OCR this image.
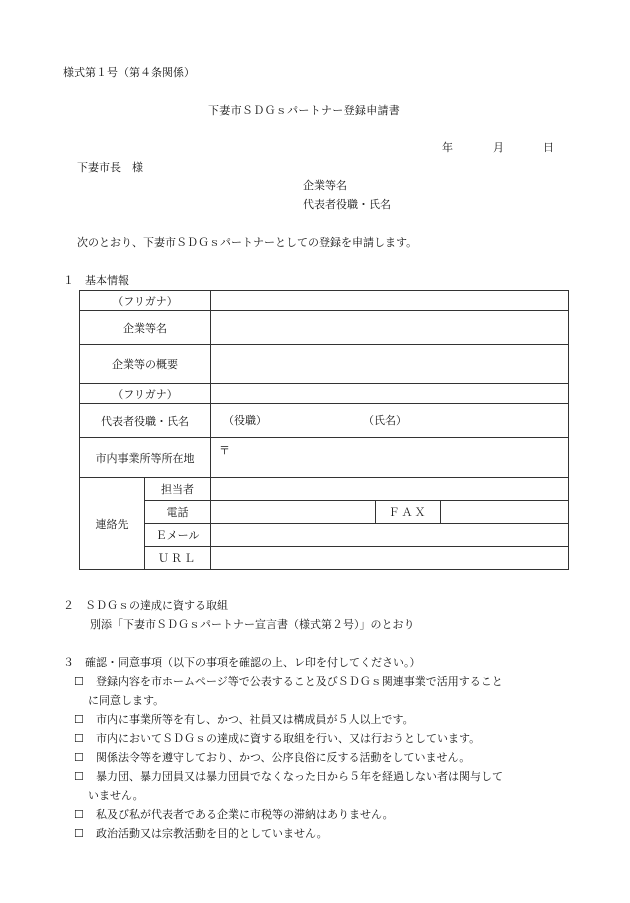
様式第１号（第４条関係）
下妻市ＳＤＧｓパートナー登録申請書
年	月	日
下妻市長　様
企業等名
代表者役職・氏名
次のとおり、下妻市ＳＤＧｓパートナーとしての登録を申請します。
１　基本情報
（フリガナ）				
企業等名				
企業等の概要				
（フリガナ）				
代表者役職・氏名		（役職） （氏名）		

市内事業所等所在地		〒		
連絡先	担当者			
	電話		ＦＡＸ	
	Ｅメール			
	ＵＲＬ			
２　ＳＤＧｓの達成に資する取組
別添「下妻市ＳＤＧｓパートナー宣言書（様式第２号）」のとおり
３　確認・同意事項（以下の事項を確認の上、レ印を付してください。）
☐ 登録内容を市ホームページ等で公表すること及びＳＤＧｓ関連事業で活用すること
に同意します。
☐ 市内に事業所等を有し、かつ、社員又は構成員が５人以上です。
☐ 市内においてＳＤＧｓの達成に資する取組を行い、又は行おうとしています。
☐ 関係法令等を遵守しており、かつ、公序良俗に反する活動をしていません。
☐ 暴力団、暴力団員又は暴力団員でなくなった日から５年を経過しない者は関与して
いません。
☐ 私及び私が代表者である企業に市税等の滞納はありません。
☐ 政治活動又は宗教活動を目的としていません。
